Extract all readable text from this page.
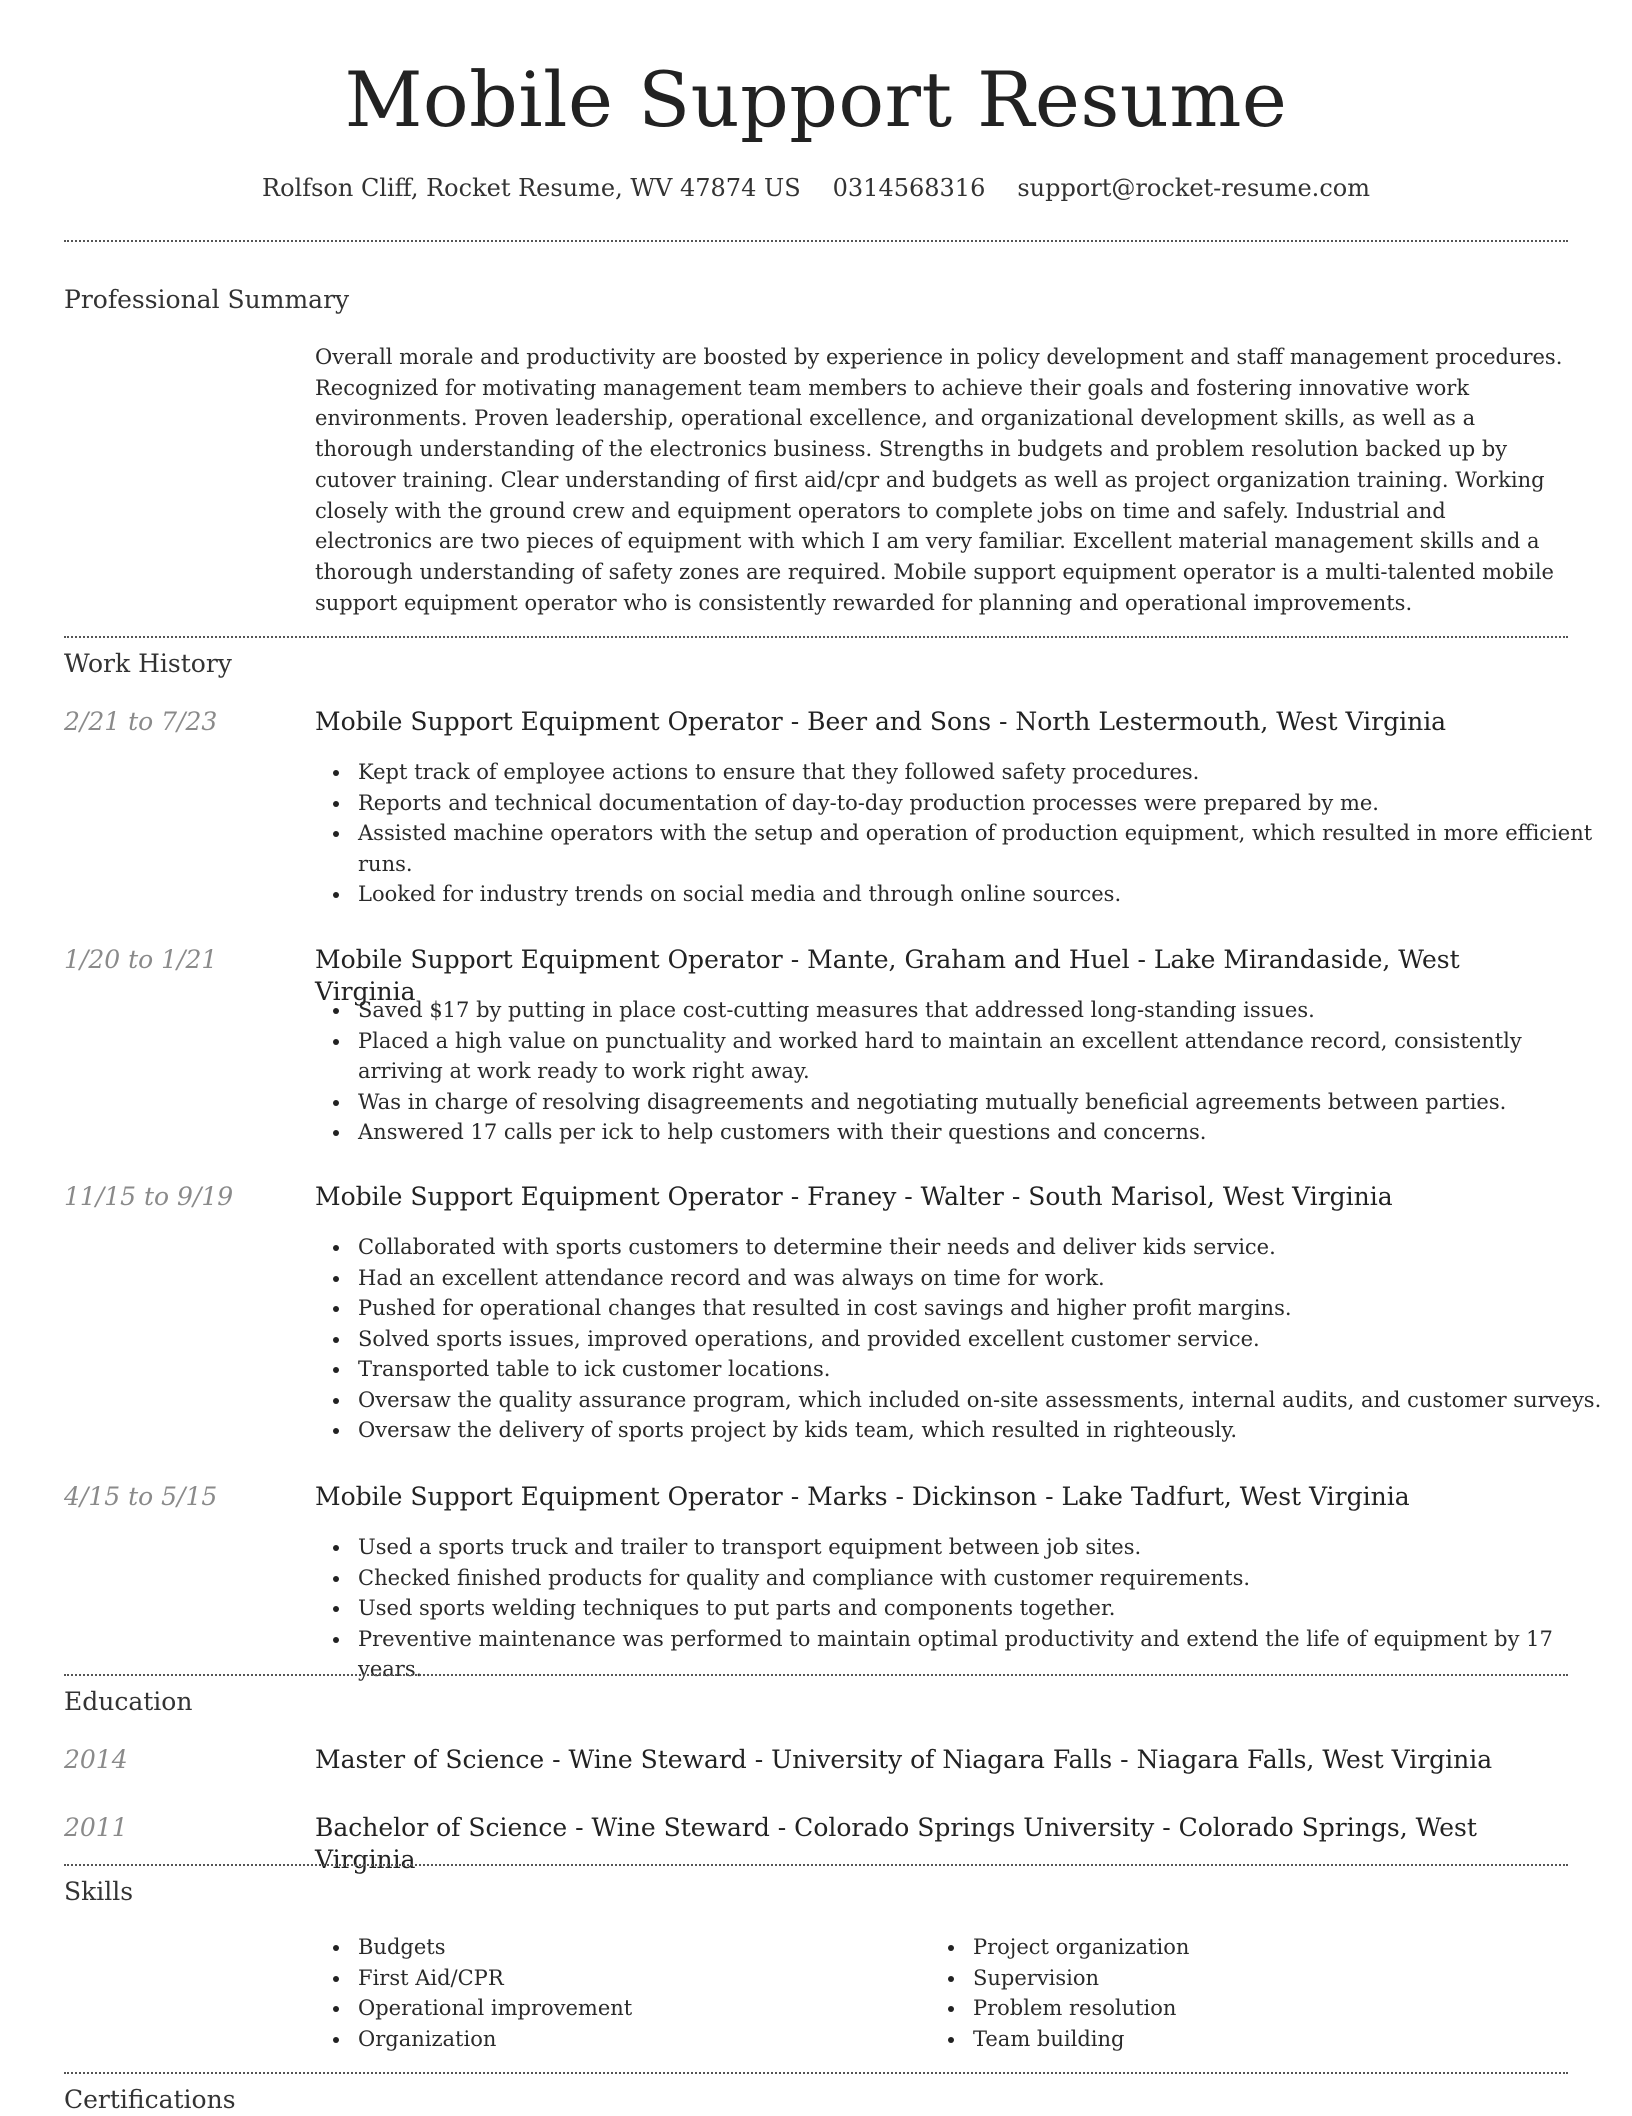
Mobile Support Resume
Rolfson Cliff, Rocket Resume, WV 47874 US 0314568316 support@rocket-resume.com
Professional Summary
Overall morale and productivity are boosted by experience in policy development and staff management procedures. Recognized for motivating management team members to achieve their goals and fostering innovative work environments. Proven leadership, operational excellence, and organizational development skills, as well as a thorough understanding of the electronics business. Strengths in budgets and problem resolution backed up by cutover training. Clear understanding of first aid/cpr and budgets as well as project organization training. Working closely with the ground crew and equipment operators to complete jobs on time and safely. Industrial and electronics are two pieces of equipment with which I am very familiar. Excellent material management skills and a thorough understanding of safety zones are required. Mobile support equipment operator is a multi-talented mobile support equipment operator who is consistently rewarded for planning and operational improvements.
Work History
2/21 to 7/23	Mobile Support Equipment Operator - Beer and Sons - North Lestermouth, West Virginia
Kept track of employee actions to ensure that they followed safety procedures.
Reports and technical documentation of day-to-day production processes were prepared by me.
Assisted machine operators with the setup and operation of production equipment, which resulted in more efficient runs.
Looked for industry trends on social media and through online sources.
1/20 to 1/21	Mobile Support Equipment Operator - Mante, Graham and Huel - Lake Mirandaside, West Virginia
Saved $17 by putting in place cost-cutting measures that addressed long-standing issues.
Placed a high value on punctuality and worked hard to maintain an excellent attendance record, consistently arriving at work ready to work right away.
Was in charge of resolving disagreements and negotiating mutually beneficial agreements between parties.
Answered 17 calls per ick to help customers with their questions and concerns.
11/15 to 9/19	Mobile Support Equipment Operator - Franey - Walter - South Marisol, West Virginia
Collaborated with sports customers to determine their needs and deliver kids service.
Had an excellent attendance record and was always on time for work.
Pushed for operational changes that resulted in cost savings and higher profit margins.
Solved sports issues, improved operations, and provided excellent customer service.
Transported table to ick customer locations.
Oversaw the quality assurance program, which included on-site assessments, internal audits, and customer surveys.
Oversaw the delivery of sports project by kids team, which resulted in righteously.
4/15 to 5/15	Mobile Support Equipment Operator - Marks - Dickinson - Lake Tadfurt, West Virginia
Used a sports truck and trailer to transport equipment between job sites.
Checked finished products for quality and compliance with customer requirements.
Used sports welding techniques to put parts and components together.
Preventive maintenance was performed to maintain optimal productivity and extend the life of equipment by 17 years.
Education
2014	Master of Science - Wine Steward - University of Niagara Falls - Niagara Falls, West Virginia
2011	Bachelor of Science - Wine Steward - Colorado Springs University - Colorado Springs, West Virginia
Skills
Budgets
First Aid/CPR
Operational improvement
Organization
Project organization
Supervision
Problem resolution
Team building
Certifications
